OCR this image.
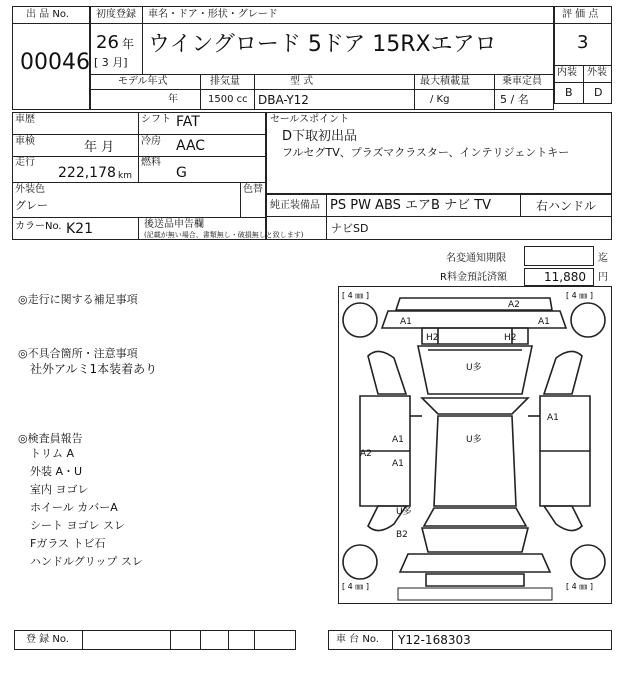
出 品 No.
00046
初度登録 車名・ドア・形状・グレード
26 年
[ 3 月]
ウイングロード 5ドア 15RXエアロ
モデル年式	排気量	型 式	最大積載量	乗車定員
年	1500 cc DBA-Y12	/ Kg	5 / 名
評 価 点
3
内装 外装
B D
車歴	シフト FAT
車検	年 月	冷房 AAC
走行
222,178 km
燃料
G
外装色
グレー
色替
カラーNo. K21	後送品申告欄
(記載が無い場合、書類無し・破損無しと致します)
セールスポイント
D下取初出品
フルセグTV、プラズマクラスター、インテリジェントキー
純正装備品 PS PW ABS エアB ナビ TV	右ハンドル
ナビSD
名変通知期限	迄
R料金預託済額	11,880 円
◎走行に関する補足事項
◎不具合箇所・注意事項
社外アルミ1本装着あり
◎検査員報告
トリム A
外装 A・U
室内 ヨゴレ
ホイール カバーA
シート ヨゴレ スレ
Fガラス トビ石
ハンドルグリップ スレ
[ 4 ㎜ ]	[ 4 ㎜ ]
[ 4 ㎜ ]	[ 4 ㎜ ]
A2
A1	A1
H2	H2
U多
A1
A1	U多
A2
A1
U多
B2
登 録 No.	車 台 No. Y12-168303
